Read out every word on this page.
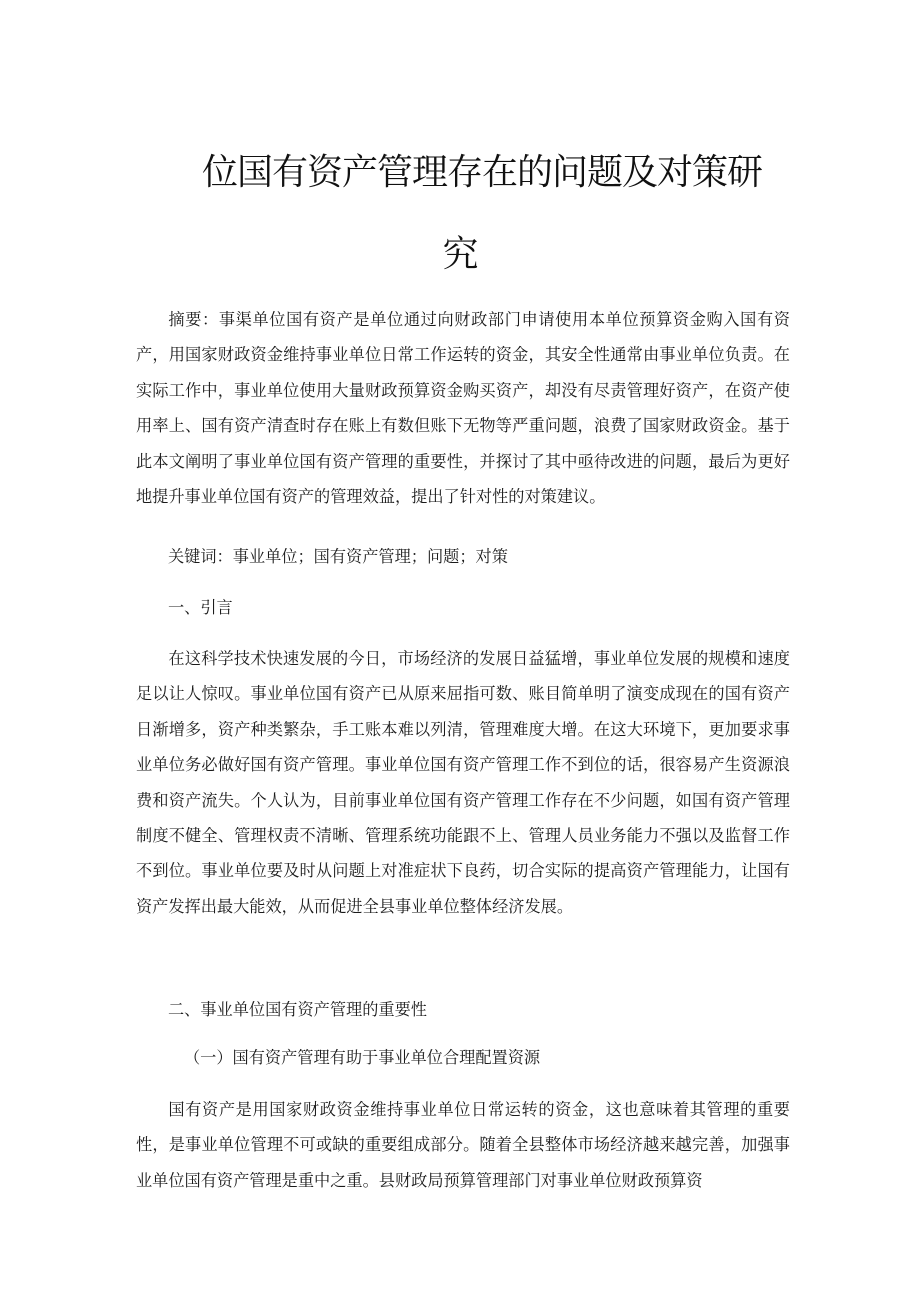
位国有资产管理存在的问题及对策研
究

摘要：事渠单位国有资产是单位通过向财政部门申请使用本单位预算资金购入国有资产，用国家财政资金维持事业单位日常工作运转的资金，其安全性通常由事业单位负责。在实际工作中，事业单位使用大量财政预算资金购买资产，却没有尽责管理好资产，在资产使用率上、国有资产清查时存在账上有数但账下无物等严重问题，浪费了国家财政资金。基于此本文阐明了事业单位国有资产管理的重要性，并探讨了其中亟待改进的问题，最后为更好地提升事业单位国有资产的管理效益，提出了针对性的对策建议。

关键词：事业单位；国有资产管理；问题；对策

一、引言

在这科学技术快速发展的今日，市场经济的发展日益猛增，事业单位发展的规模和速度足以让人惊叹。事业单位国有资产已从原来屈指可数、账目简单明了演变成现在的国有资产日渐增多，资产种类繁杂，手工账本难以列清，管理难度大增。在这大环境下，更加要求事业单位务必做好国有资产管理。事业单位国有资产管理工作不到位的话，很容易产生资源浪费和资产流失。个人认为，目前事业单位国有资产管理工作存在不少问题，如国有资产管理制度不健全、管理权责不清晰、管理系统功能跟不上、管理人员业务能力不强以及监督工作不到位。事业单位要及时从问题上对准症状下良药，切合实际的提高资产管理能力，让国有资产发挥出最大能效，从而促进全县事业单位整体经济发展。

二、事业单位国有资产管理的重要性

（一）国有资产管理有助于事业单位合理配置资源

国有资产是用国家财政资金维持事业单位日常运转的资金，这也意味着其管理的重要性，是事业单位管理不可或缺的重要组成部分。随着全县整体市场经济越来越完善，加强事业单位国有资产管理是重中之重。县财政局预算管理部门对事业单位财政预算资
